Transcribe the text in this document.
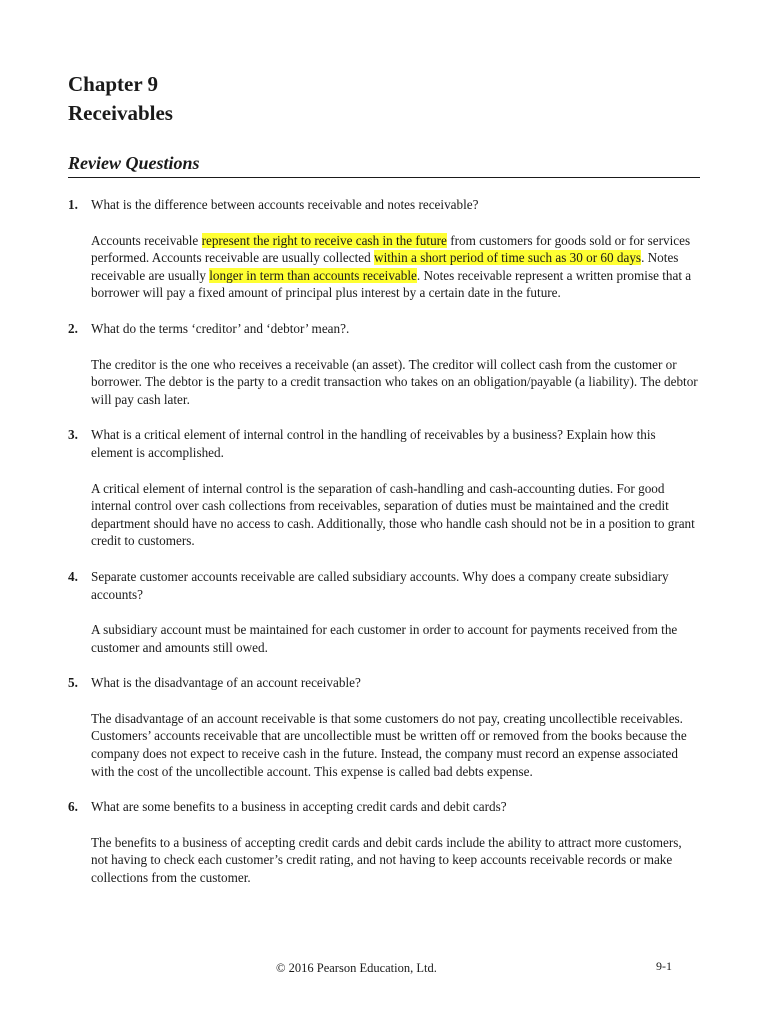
Chapter 9
Receivables
Review Questions
1. What is the difference between accounts receivable and notes receivable?

Accounts receivable represent the right to receive cash in the future from customers for goods sold or for services performed. Accounts receivable are usually collected within a short period of time such as 30 or 60 days. Notes receivable are usually longer in term than accounts receivable. Notes receivable represent a written promise that a borrower will pay a fixed amount of principal plus interest by a certain date in the future.

2. What do the terms ‘creditor’ and ‘debtor’ mean?.

The creditor is the one who receives a receivable (an asset). The creditor will collect cash from the customer or borrower. The debtor is the party to a credit transaction who takes on an obligation/payable (a liability). The debtor will pay cash later.

3. What is a critical element of internal control in the handling of receivables by a business? Explain how this element is accomplished.

A critical element of internal control is the separation of cash-handling and cash-accounting duties. For good internal control over cash collections from receivables, separation of duties must be maintained and the credit department should have no access to cash. Additionally, those who handle cash should not be in a position to grant credit to customers.

4. Separate customer accounts receivable are called subsidiary accounts. Why does a company create subsidiary accounts?

A subsidiary account must be maintained for each customer in order to account for payments received from the customer and amounts still owed.

5. What is the disadvantage of an account receivable?

The disadvantage of an account receivable is that some customers do not pay, creating uncollectible receivables. Customers’ accounts receivable that are uncollectible must be written off or removed from the books because the company does not expect to receive cash in the future. Instead, the company must record an expense associated with the cost of the uncollectible account. This expense is called bad debts expense.

6. What are some benefits to a business in accepting credit cards and debit cards?

The benefits to a business of accepting credit cards and debit cards include the ability to attract more customers, not having to check each customer’s credit rating, and not having to keep accounts receivable records or make collections from the customer.

© 2016 Pearson Education, Ltd.	9-1
